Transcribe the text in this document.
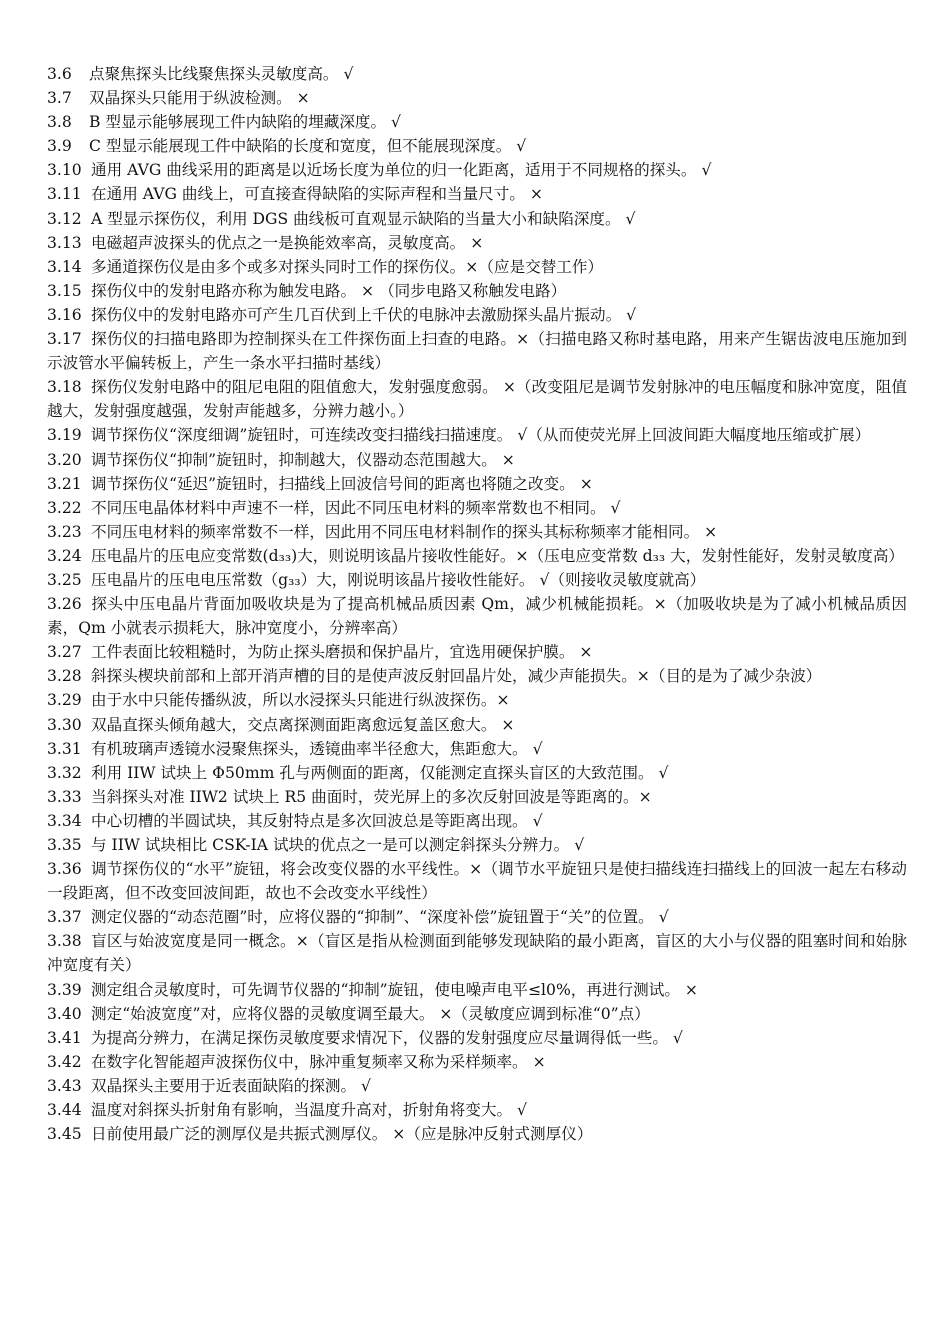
3.6 点聚焦探头比线聚焦探头灵敏度高。 √
3.7 双晶探头只能用于纵波检测。 ×
3.8 B 型显示能够展现工件内缺陷的埋藏深度。 √
3.9 C 型显示能展现工件中缺陷的长度和宽度，但不能展现深度。 √
3.10 通用 AVG 曲线采用的距离是以近场长度为单位的归一化距离，适用于不同规格的探头。 √
3.11 在通用 AVG 曲线上，可直接查得缺陷的实际声程和当量尺寸。 ×
3.12 A 型显示探伤仪，利用 DGS 曲线板可直观显示缺陷的当量大小和缺陷深度。 √
3.13 电磁超声波探头的优点之一是换能效率高，灵敏度高。 ×
3.14 多通道探伤仪是由多个或多对探头同时工作的探伤仪。×（应是交替工作）
3.15 探伤仪中的发射电路亦称为触发电路。 × （同步电路又称触发电路）
3.16 探伤仪中的发射电路亦可产生几百伏到上千伏的电脉冲去激励探头晶片振动。 √
3.17 探伤仪的扫描电路即为控制探头在工件探伤面上扫查的电路。×（扫描电路又称时基电路，用来产生锯齿波电压施加到示波管水平偏转板上，产生一条水平扫描时基线）
3.18 探伤仪发射电路中的阻尼电阻的阻值愈大，发射强度愈弱。 ×（改变阻尼是调节发射脉冲的电压幅度和脉冲宽度，阻值越大，发射强度越强，发射声能越多，分辨力越小。）
3.19 调节探伤仪“深度细调”旋钮时，可连续改变扫描线扫描速度。 √（从而使荧光屏上回波间距大幅度地压缩或扩展）
3.20 调节探伤仪“抑制”旋钮时，抑制越大，仪器动态范围越大。 ×
3.21 调节探伤仪“延迟”旋钮时，扫描线上回波信号间的距离也将随之改变。 ×
3.22 不同压电晶体材料中声速不一样，因此不同压电材料的频率常数也不相同。 √
3.23 不同压电材料的频率常数不一样，因此用不同压电材料制作的探头其标称频率才能相同。 ×
3.24 压电晶片的压电应变常数(d₃₃)大，则说明该晶片接收性能好。×（压电应变常数 d₃₃ 大，发射性能好，发射灵敏度高）
3.25 压电晶片的压电电压常数（g₃₃）大，刚说明该晶片接收性能好。 √（则接收灵敏度就高）
3.26 探头中压电晶片背面加吸收块是为了提高机械品质因素 Qm，减少机械能损耗。×（加吸收块是为了减小机械品质因素，Qm 小就表示损耗大，脉冲宽度小，分辨率高）
3.27 工件表面比较粗糙时，为防止探头磨损和保护晶片，宜选用硬保护膜。 ×
3.28 斜探头楔块前部和上部开消声槽的目的是使声波反射回晶片处，减少声能损失。×（目的是为了减少杂波）
3.29 由于水中只能传播纵波，所以水浸探头只能进行纵波探伤。×
3.30 双晶直探头倾角越大，交点离探测面距离愈远复盖区愈大。 ×
3.31 有机玻璃声透镜水浸聚焦探头，透镜曲率半径愈大，焦距愈大。 √
3.32 利用 IIW 试块上 Φ50mm 孔与两侧面的距离，仅能测定直探头盲区的大致范围。 √
3.33 当斜探头对准 IIW2 试块上 R5 曲面时，荧光屏上的多次反射回波是等距离的。×
3.34 中心切槽的半圆试块，其反射特点是多次回波总是等距离出现。 √
3.35 与 IIW 试块相比 CSK-IA 试块的优点之一是可以测定斜探头分辨力。 √
3.36 调节探伤仪的“水平”旋钮，将会改变仪器的水平线性。×（调节水平旋钮只是使扫描线连扫描线上的回波一起左右移动一段距离，但不改变回波间距，故也不会改变水平线性）
3.37 测定仪器的“动态范圈”时，应将仪器的“抑制”、“深度补偿”旋钮置于“关”的位置。 √
3.38 盲区与始波宽度是同一概念。×（盲区是指从检测面到能够发现缺陷的最小距离，盲区的大小与仪器的阻塞时间和始脉冲宽度有关）
3.39 测定组合灵敏度时，可先调节仪器的“抑制”旋钮，使电噪声电平≤l0%，再进行测试。 ×
3.40 测定“始波宽度”对，应将仪器的灵敏度调至最大。 ×（灵敏度应调到标准“0”点）
3.41 为提高分辨力，在满足探伤灵敏度要求情况下，仪器的发射强度应尽量调得低一些。 √
3.42 在数字化智能超声波探伤仪中，脉冲重复频率又称为采样频率。 ×
3.43 双晶探头主要用于近表面缺陷的探测。 √
3.44 温度对斜探头折射角有影响，当温度升高对，折射角将变大。 √
3.45 日前使用最广泛的测厚仪是共振式测厚仪。 ×（应是脉冲反射式测厚仪）
